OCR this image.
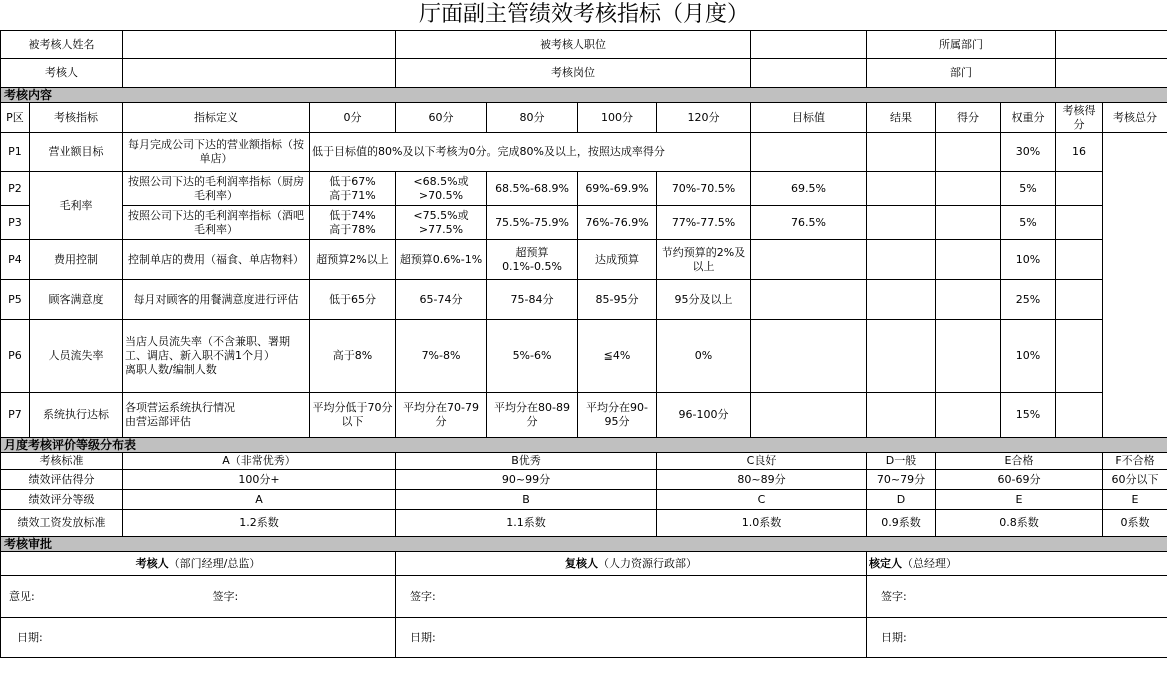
厅面副主管绩效考核指标（月度）													
被考核人姓名				被考核人职位					所属部门				
考核人				考核岗位					部门				
考核内容													
P区	考核指标	指标定义	0分	60分	80分	100分	120分	目标值	结果	得分	权重分	考核得分	考核总分
P1	营业额目标	每月完成公司下达的营业额指标（按单店）	低于目标值的80%及以下考核为0分。完成80%及以上，按照达成率得分								30%	16	
P2	毛利率	按照公司下达的毛利润率指标（厨房毛利率）	低于67%
高于71%	<68.5%或
>70.5%	68.5%-68.9%	69%-69.9%	70%-70.5%	69.5%			5%		
P3		按照公司下达的毛利润率指标（酒吧毛利率）	低于74%
高于78%	<75.5%或
>77.5%	75.5%-75.9%	76%-76.9%	77%-77.5%	76.5%			5%		
P4	费用控制	控制单店的费用（福食、单店物料）	超预算2%以上	超预算0.6%-1%	超预算0.1%-0.5%	达成预算	节约预算的2%及以上				10%		
P5	顾客满意度	每月对顾客的用餐满意度进行评估	低于65分	65-74分	75-84分	85-95分	95分及以上				25%		
P6	人员流失率	当店人员流失率（不含兼职、署期工、调店、新入职不满1个月）
离职人数/编制人数	高于8%	7%-8%	5%-6%	≦4%	0%				10%		
P7	系统执行达标	各项营运系统执行情况
由营运部评估	平均分低于70分以下	平均分在70-79分	平均分在80-89分	平均分在90-95分	96-100分				15%		
月度考核评价等级分布表													
考核标准		A（非常优秀）		B优秀			C良好		D一般	E合格			F不合格
绩效评估得分		100分+		90~99分			80~89分		70~79分	60-69分			60分以下
绩效评分等级		A		B			C		D	E			E
绩效工资发放标准		1.2系数		1.1系数			1.0系数		0.9系数	0.8系数			0系数
考核审批													
考核人（部门经理/总监）				复核人（人力资源行政部）					核定人（总经理）				
意见:		签字:		签字:					签字:				
日期:				日期:					日期:				
